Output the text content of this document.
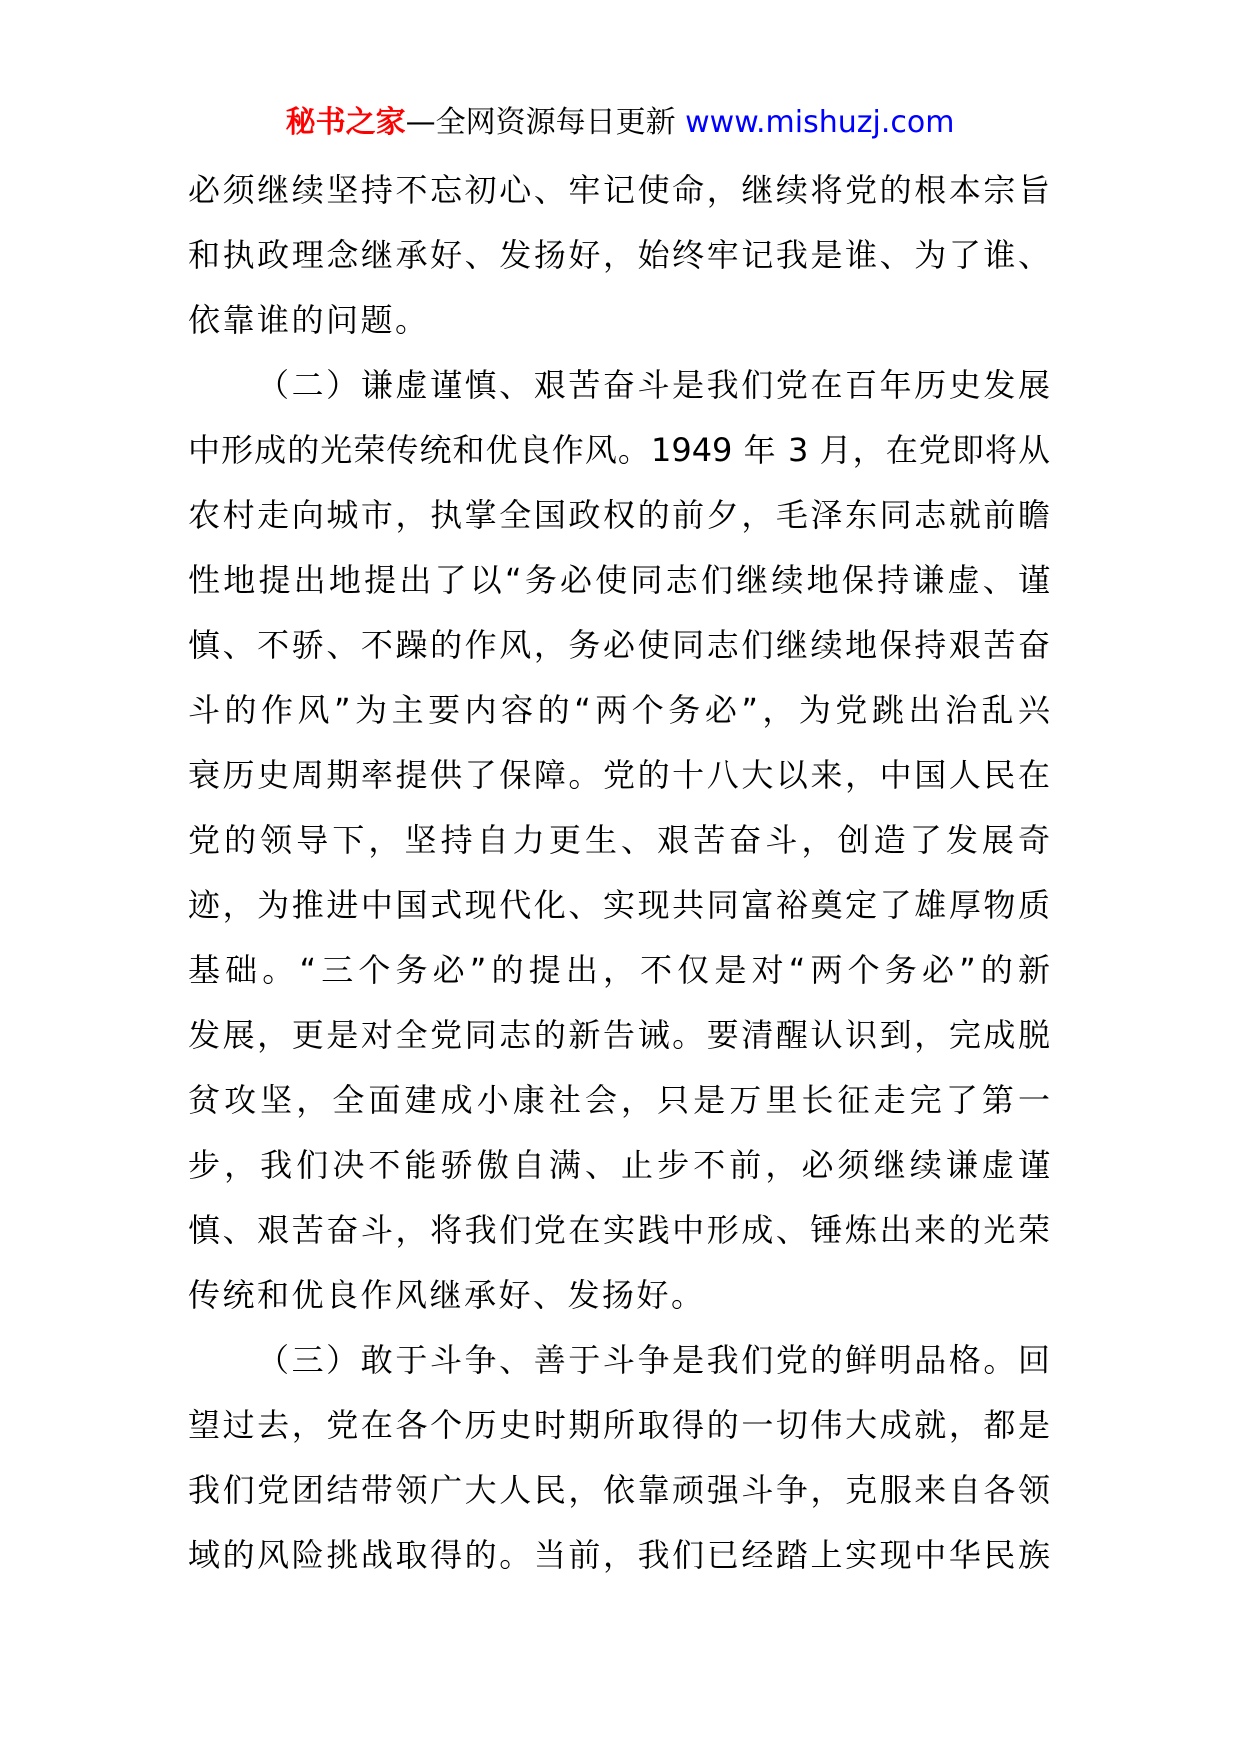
秘书之家—全网资源每日更新 www.mishuzj.com
必须继续坚持不忘初心、牢记使命，继续将党的根本宗旨
和执政理念继承好、发扬好，始终牢记我是谁、为了谁、
依靠谁的问题。
（二）谦虚谨慎、艰苦奋斗是我们党在百年历史发展
中形成的光荣传统和优良作风。1949 年 3 月，在党即将从
农村走向城市，执掌全国政权的前夕，毛泽东同志就前瞻
性地提出地提出了以“务必使同志们继续地保持谦虚、谨
慎、不骄、不躁的作风，务必使同志们继续地保持艰苦奋
斗的作风”为主要内容的“两个务必”，为党跳出治乱兴
衰历史周期率提供了保障。党的十八大以来，中国人民在
党的领导下，坚持自力更生、艰苦奋斗，创造了发展奇
迹，为推进中国式现代化、实现共同富裕奠定了雄厚物质
基础。“三个务必”的提出，不仅是对“两个务必”的新
发展，更是对全党同志的新告诫。要清醒认识到，完成脱
贫攻坚，全面建成小康社会，只是万里长征走完了第一
步，我们决不能骄傲自满、止步不前，必须继续谦虚谨
慎、艰苦奋斗，将我们党在实践中形成、锤炼出来的光荣
传统和优良作风继承好、发扬好。
（三）敢于斗争、善于斗争是我们党的鲜明品格。回
望过去，党在各个历史时期所取得的一切伟大成就，都是
我们党团结带领广大人民，依靠顽强斗争，克服来自各领
域的风险挑战取得的。当前，我们已经踏上实现中华民族
